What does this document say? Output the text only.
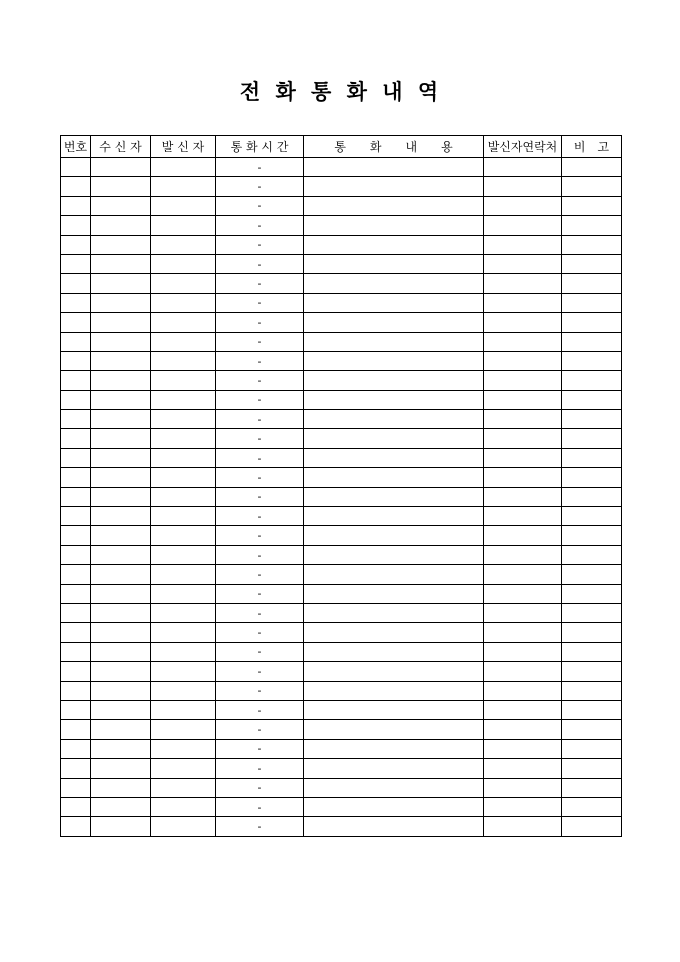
전 화 통 화 내 역
번호	수 신 자	발 신 자	통 화 시 간	통　　화　　내　　용	발신자연락처	비　고
			-			
			-			
			-			
			-			
			-			
			-			
			-			
			-			
			-			
			-			
			-			
			-			
			-			
			-			
			-			
			-			
			-			
			-			
			-			
			-			
			-			
			-			
			-			
			-			
			-			
			-			
			-			
			-			
			-			
			-			
			-			
			-			
			-			
			-			
			-			
